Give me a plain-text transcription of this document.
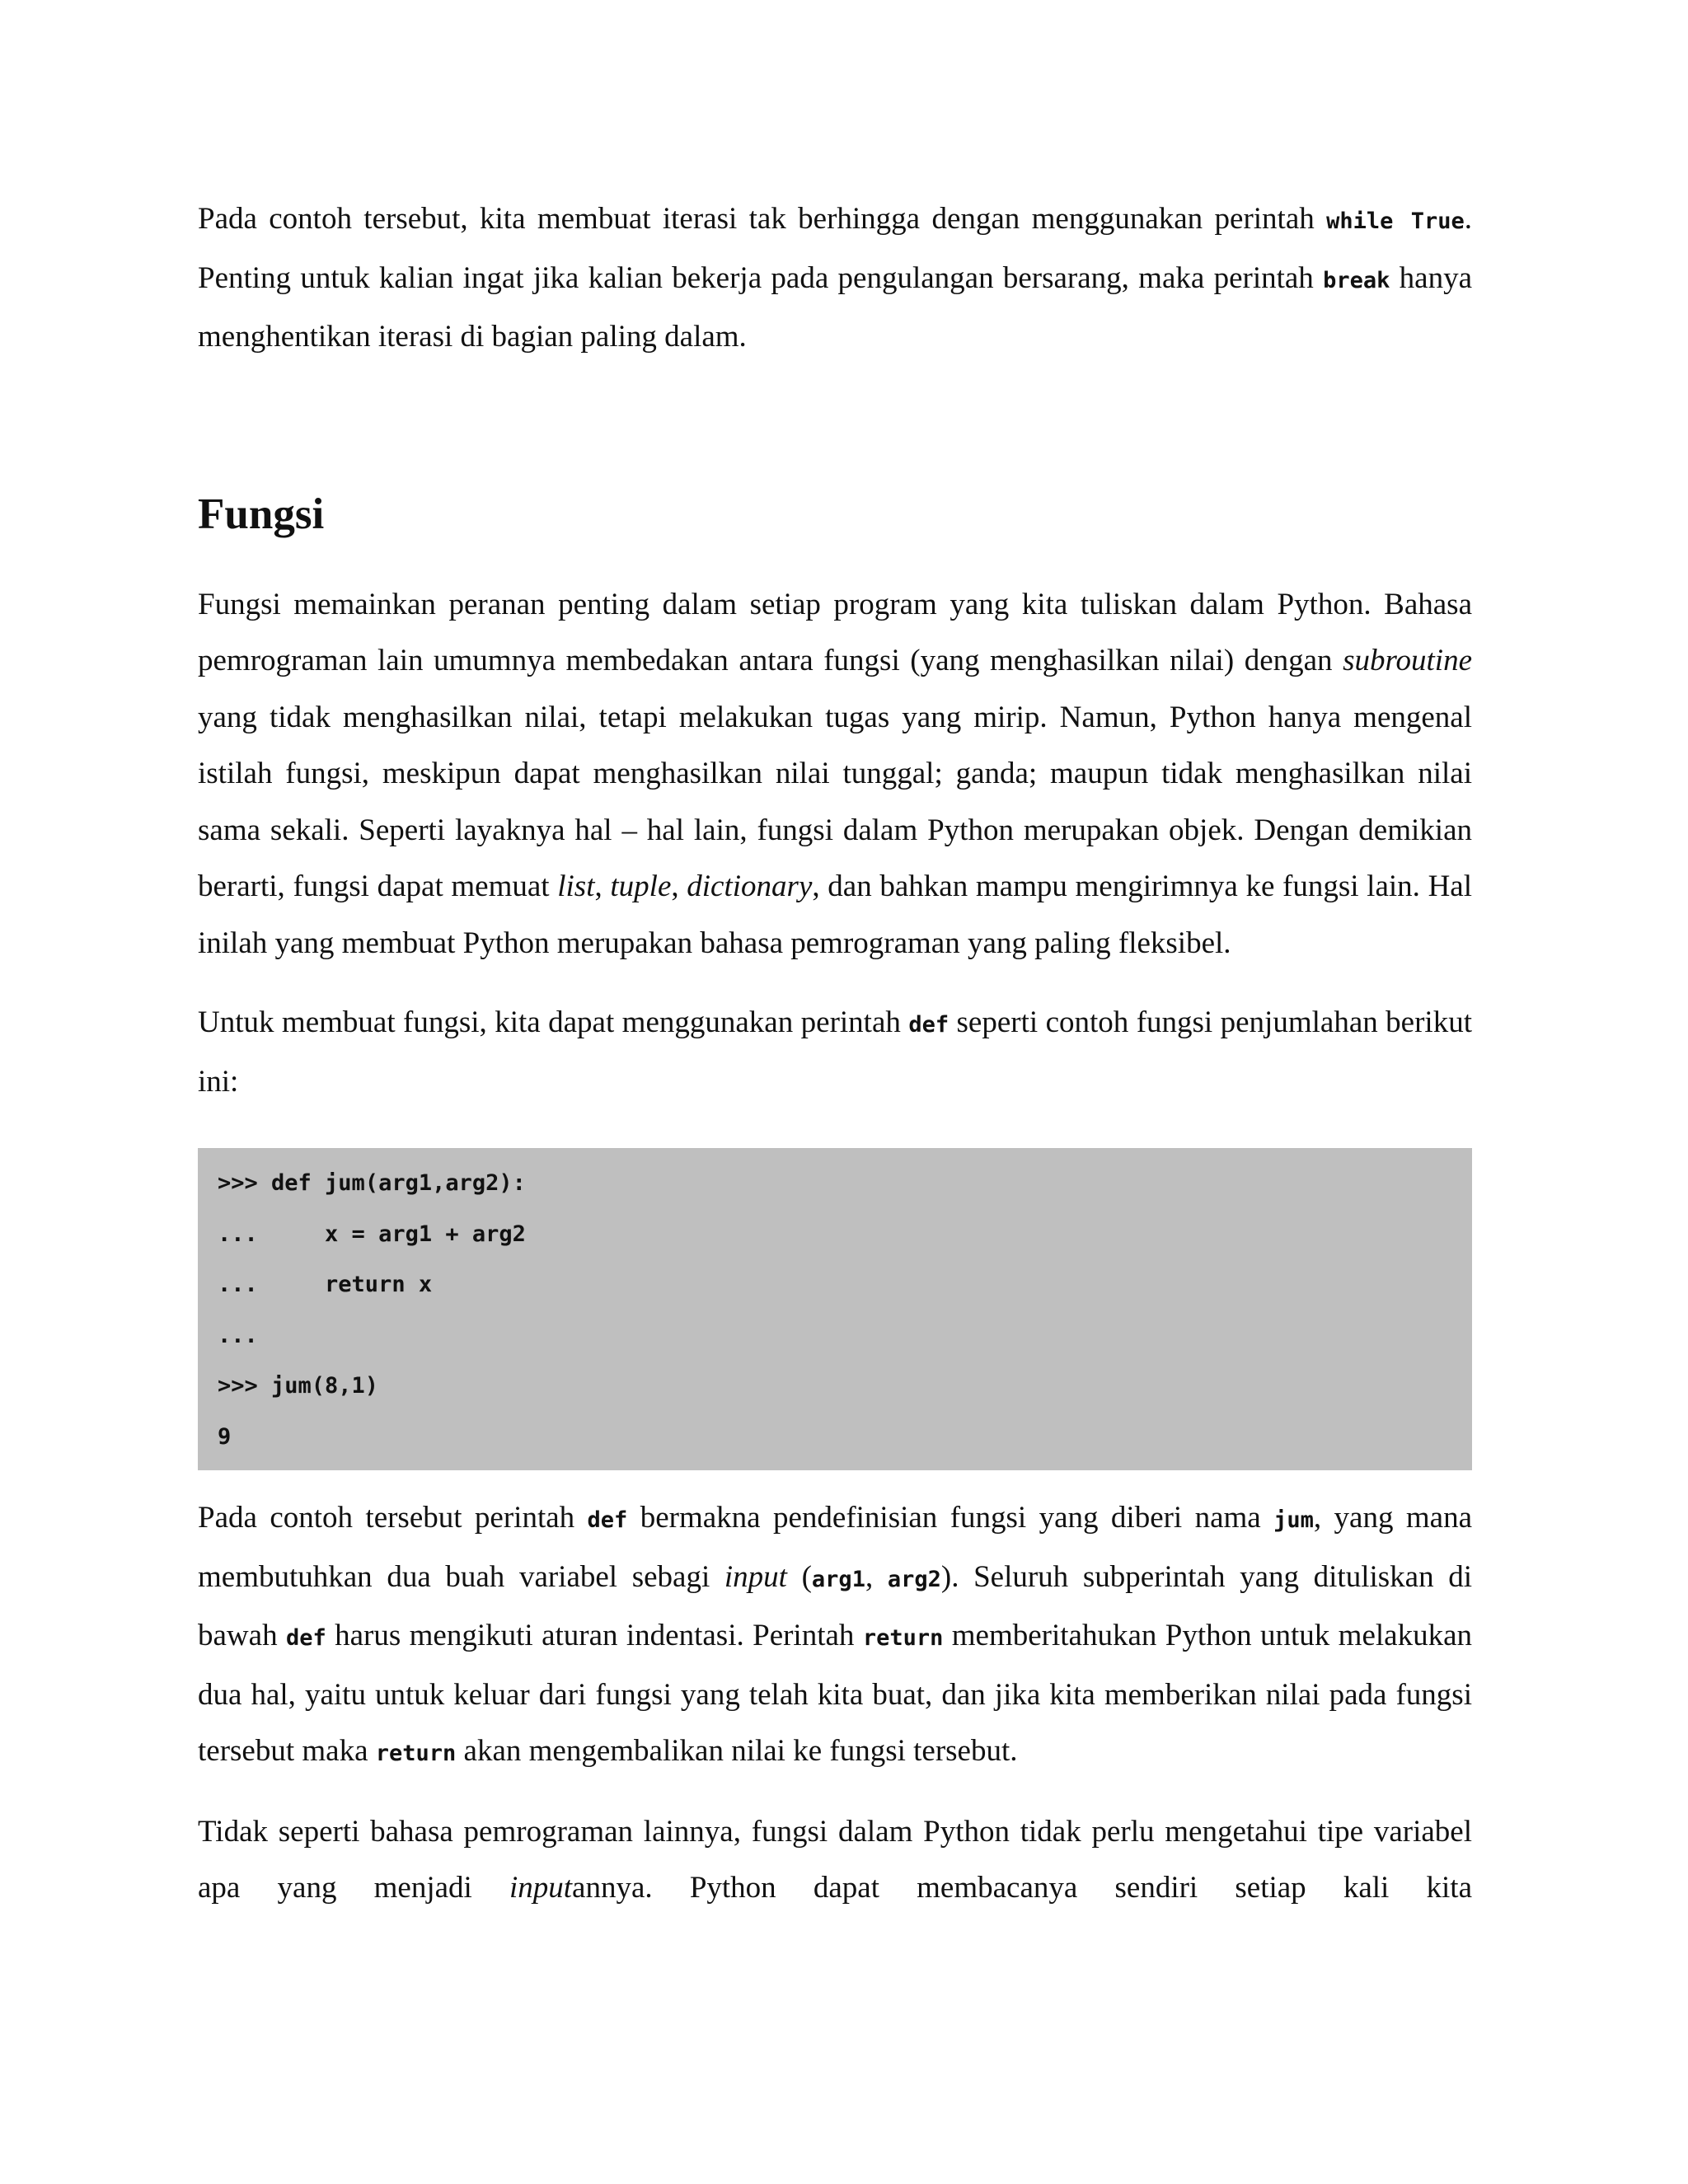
Pada contoh tersebut, kita membuat iterasi tak berhingga dengan menggunakan perintah while True. Penting untuk kalian ingat jika kalian bekerja pada pengulangan bersarang, maka perintah break hanya menghentikan iterasi di bagian paling dalam.

Fungsi

Fungsi memainkan peranan penting dalam setiap program yang kita tuliskan dalam Python. Bahasa pemrograman lain umumnya membedakan antara fungsi (yang menghasilkan nilai) dengan subroutine yang tidak menghasilkan nilai, tetapi melakukan tugas yang mirip. Namun, Python hanya mengenal istilah fungsi, meskipun dapat menghasilkan nilai tunggal; ganda; maupun tidak menghasilkan nilai sama sekali. Seperti layaknya hal – hal lain, fungsi dalam Python merupakan objek. Dengan demikian berarti, fungsi dapat memuat list, tuple, dictionary, dan bahkan mampu mengirimnya ke fungsi lain. Hal inilah yang membuat Python merupakan bahasa pemrograman yang paling fleksibel.

Untuk membuat fungsi, kita dapat menggunakan perintah def seperti contoh fungsi penjumlahan berikut ini:

>>> def jum(arg1,arg2):
...     x = arg1 + arg2
...     return x
...
>>> jum(8,1)
9

Pada contoh tersebut perintah def bermakna pendefinisian fungsi yang diberi nama jum, yang mana membutuhkan dua buah variabel sebagi input (arg1, arg2). Seluruh subperintah yang dituliskan di bawah def harus mengikuti aturan indentasi. Perintah return memberitahukan Python untuk melakukan dua hal, yaitu untuk keluar dari fungsi yang telah kita buat, dan jika kita memberikan nilai pada fungsi tersebut maka return akan mengembalikan nilai ke fungsi tersebut.

Tidak seperti bahasa pemrograman lainnya, fungsi dalam Python tidak perlu mengetahui tipe variabel apa yang menjadi inputannya. Python dapat membacanya sendiri setiap kali kita
